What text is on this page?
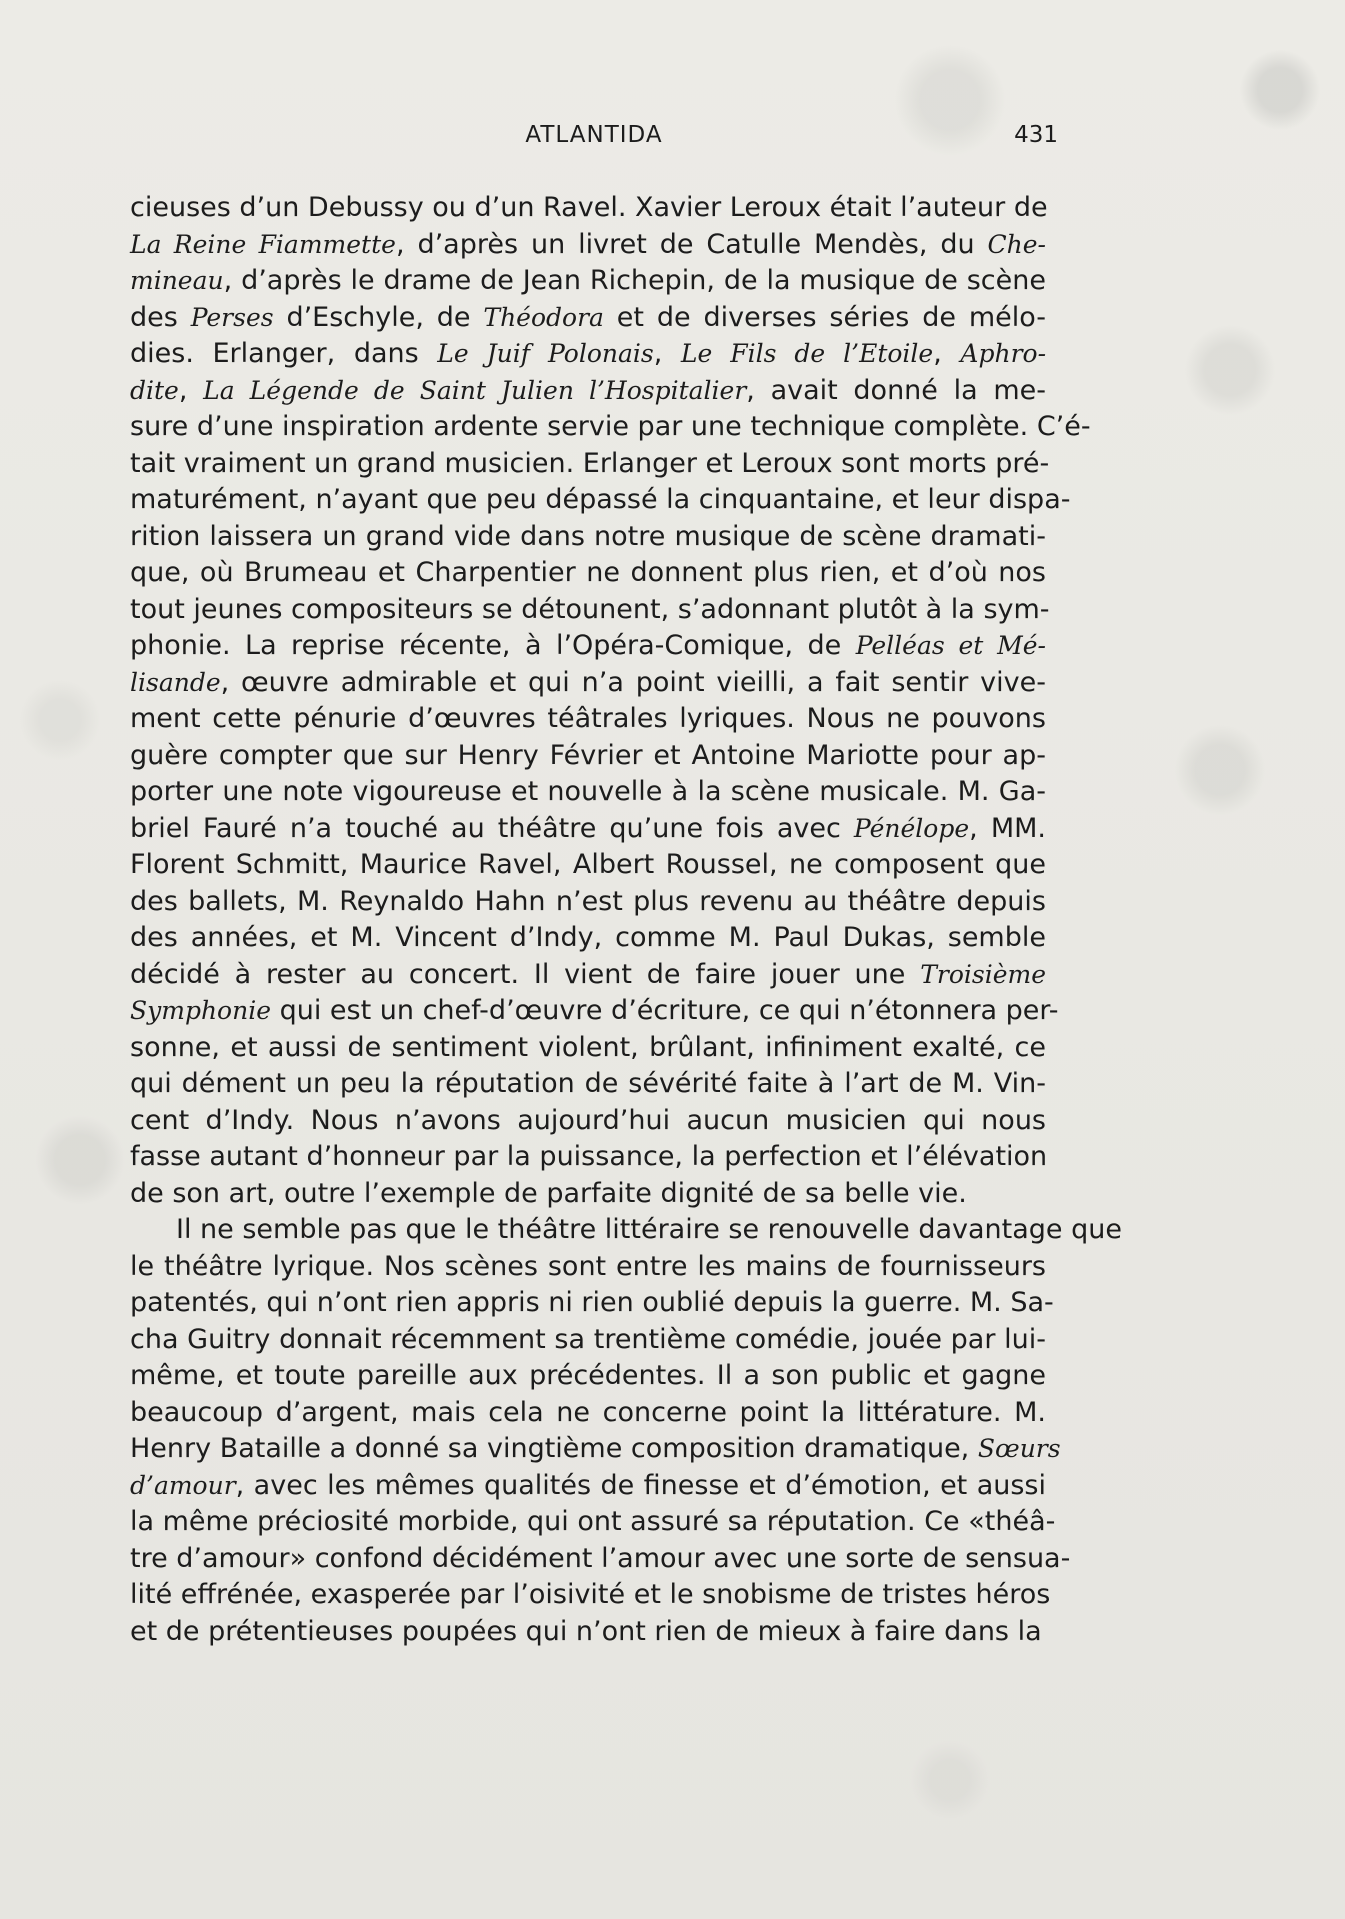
ATLANTIDA	431
cieuses d’un Debussy ou d’un Ravel. Xavier Leroux était l’auteur de
La Reine Fiammette, d’après un livret de Catulle Mendès, du Che-
mineau, d’après le drame de Jean Richepin, de la musique de scène
des Perses d’Eschyle, de Théodora et de diverses séries de mélo-
dies. Erlanger, dans Le Juif Polonais, Le Fils de l’Etoile, Aphro-
dite, La Légende de Saint Julien l’Hospitalier, avait donné la me-
sure d’une inspiration ardente servie par une technique complète. C’é-
tait vraiment un grand musicien. Erlanger et Leroux sont morts pré-
maturément, n’ayant que peu dépassé la cinquantaine, et leur dispa-
rition laissera un grand vide dans notre musique de scène dramati-
que, où Brumeau et Charpentier ne donnent plus rien, et d’où nos
tout jeunes compositeurs se détounent, s’adonnant plutôt à la sym-
phonie. La reprise récente, à l’Opéra-Comique, de Pelléas et Mé-
lisande, œuvre admirable et qui n’a point vieilli, a fait sentir vive-
ment cette pénurie d’œuvres téâtrales lyriques. Nous ne pouvons
guère compter que sur Henry Février et Antoine Mariotte pour ap-
porter une note vigoureuse et nouvelle à la scène musicale. M. Ga-
briel Fauré n’a touché au théâtre qu’une fois avec Pénélope, MM.
Florent Schmitt, Maurice Ravel, Albert Roussel, ne composent que
des ballets, M. Reynaldo Hahn n’est plus revenu au théâtre depuis
des années, et M. Vincent d’Indy, comme M. Paul Dukas, semble
décidé à rester au concert. Il vient de faire jouer une Troisième
Symphonie qui est un chef-d’œuvre d’écriture, ce qui n’étonnera per-
sonne, et aussi de sentiment violent, brûlant, infiniment exalté, ce
qui dément un peu la réputation de sévérité faite à l’art de M. Vin-
cent d’Indy. Nous n’avons aujourd’hui aucun musicien qui nous
fasse autant d’honneur par la puissance, la perfection et l’élévation
de son art, outre l’exemple de parfaite dignité de sa belle vie.
Il ne semble pas que le théâtre littéraire se renouvelle davantage que
le théâtre lyrique. Nos scènes sont entre les mains de fournisseurs
patentés, qui n’ont rien appris ni rien oublié depuis la guerre. M. Sa-
cha Guitry donnait récemment sa trentième comédie, jouée par lui-
même, et toute pareille aux précédentes. Il a son public et gagne
beaucoup d’argent, mais cela ne concerne point la littérature. M.
Henry Bataille a donné sa vingtième composition dramatique, Sœurs
d’amour, avec les mêmes qualités de finesse et d’émotion, et aussi
la même préciosité morbide, qui ont assuré sa réputation. Ce «théâ-
tre d’amour» confond décidément l’amour avec une sorte de sensua-
lité effrénée, exasperée par l’oisivité et le snobisme de tristes héros
et de prétentieuses poupées qui n’ont rien de mieux à faire dans la
